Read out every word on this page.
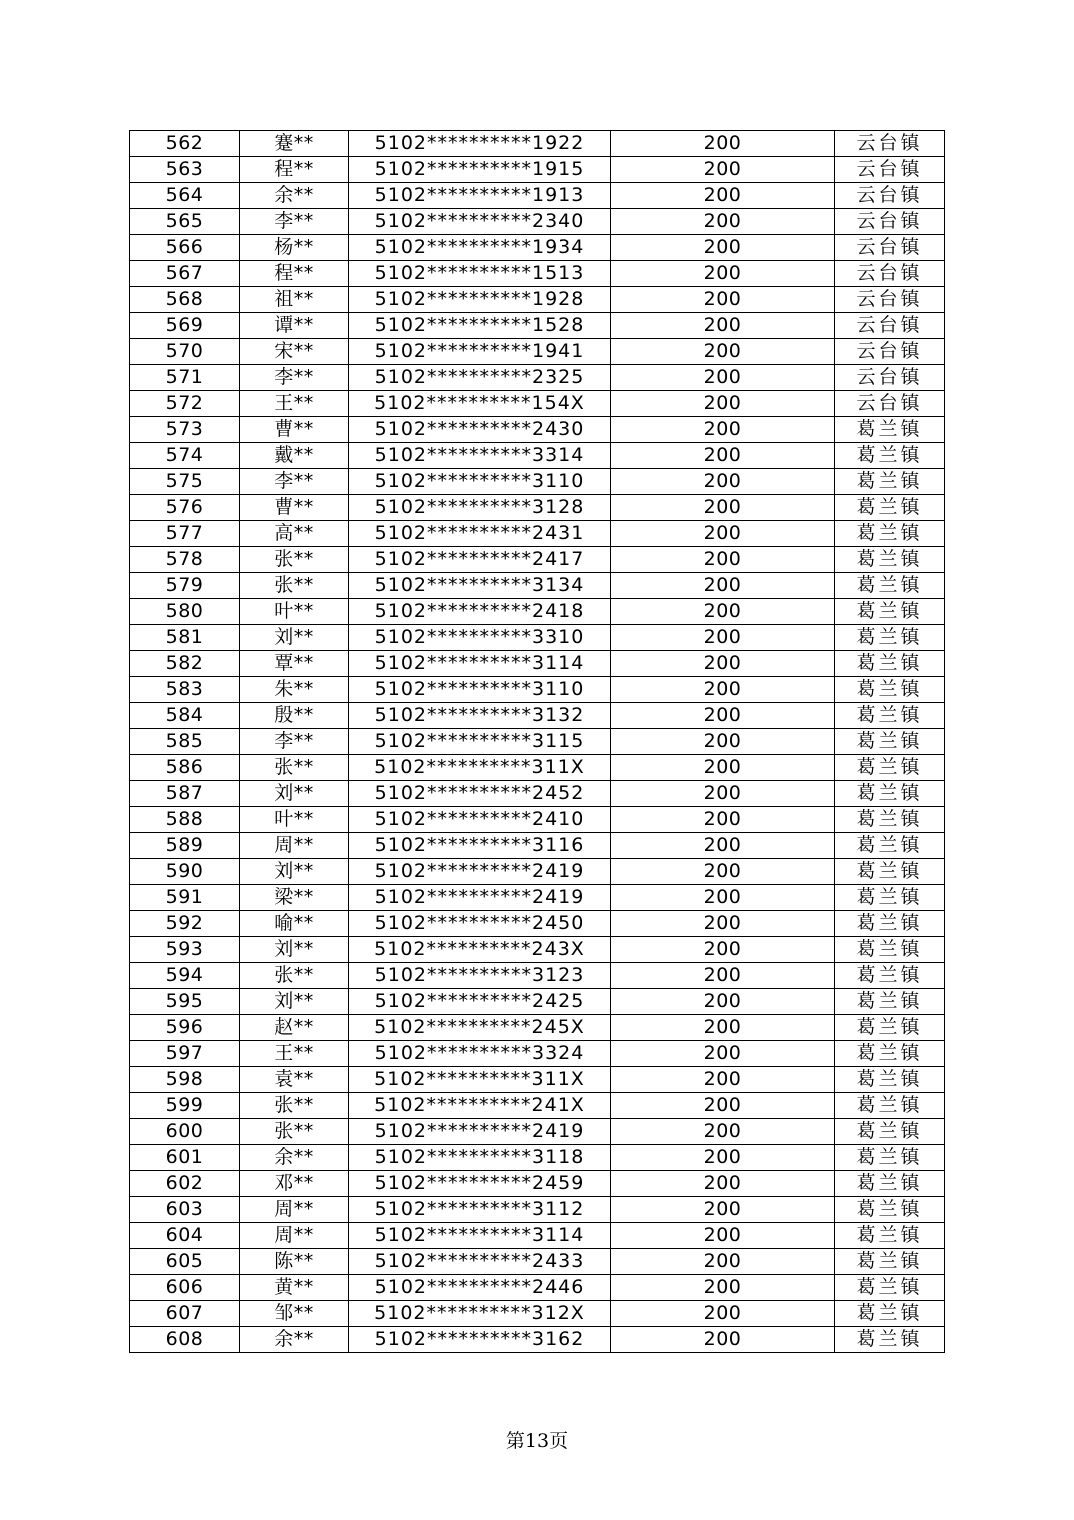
562	蹇**	5102**********1922	200	云台镇
563	程**	5102**********1915	200	云台镇
564	余**	5102**********1913	200	云台镇
565	李**	5102**********2340	200	云台镇
566	杨**	5102**********1934	200	云台镇
567	程**	5102**********1513	200	云台镇
568	祖**	5102**********1928	200	云台镇
569	谭**	5102**********1528	200	云台镇
570	宋**	5102**********1941	200	云台镇
571	李**	5102**********2325	200	云台镇
572	王**	5102**********154X	200	云台镇
573	曹**	5102**********2430	200	葛兰镇
574	戴**	5102**********3314	200	葛兰镇
575	李**	5102**********3110	200	葛兰镇
576	曹**	5102**********3128	200	葛兰镇
577	高**	5102**********2431	200	葛兰镇
578	张**	5102**********2417	200	葛兰镇
579	张**	5102**********3134	200	葛兰镇
580	叶**	5102**********2418	200	葛兰镇
581	刘**	5102**********3310	200	葛兰镇
582	覃**	5102**********3114	200	葛兰镇
583	朱**	5102**********3110	200	葛兰镇
584	殷**	5102**********3132	200	葛兰镇
585	李**	5102**********3115	200	葛兰镇
586	张**	5102**********311X	200	葛兰镇
587	刘**	5102**********2452	200	葛兰镇
588	叶**	5102**********2410	200	葛兰镇
589	周**	5102**********3116	200	葛兰镇
590	刘**	5102**********2419	200	葛兰镇
591	梁**	5102**********2419	200	葛兰镇
592	喻**	5102**********2450	200	葛兰镇
593	刘**	5102**********243X	200	葛兰镇
594	张**	5102**********3123	200	葛兰镇
595	刘**	5102**********2425	200	葛兰镇
596	赵**	5102**********245X	200	葛兰镇
597	王**	5102**********3324	200	葛兰镇
598	袁**	5102**********311X	200	葛兰镇
599	张**	5102**********241X	200	葛兰镇
600	张**	5102**********2419	200	葛兰镇
601	余**	5102**********3118	200	葛兰镇
602	邓**	5102**********2459	200	葛兰镇
603	周**	5102**********3112	200	葛兰镇
604	周**	5102**********3114	200	葛兰镇
605	陈**	5102**********2433	200	葛兰镇
606	黄**	5102**********2446	200	葛兰镇
607	邹**	5102**********312X	200	葛兰镇
608	余**	5102**********3162	200	葛兰镇
第13页
